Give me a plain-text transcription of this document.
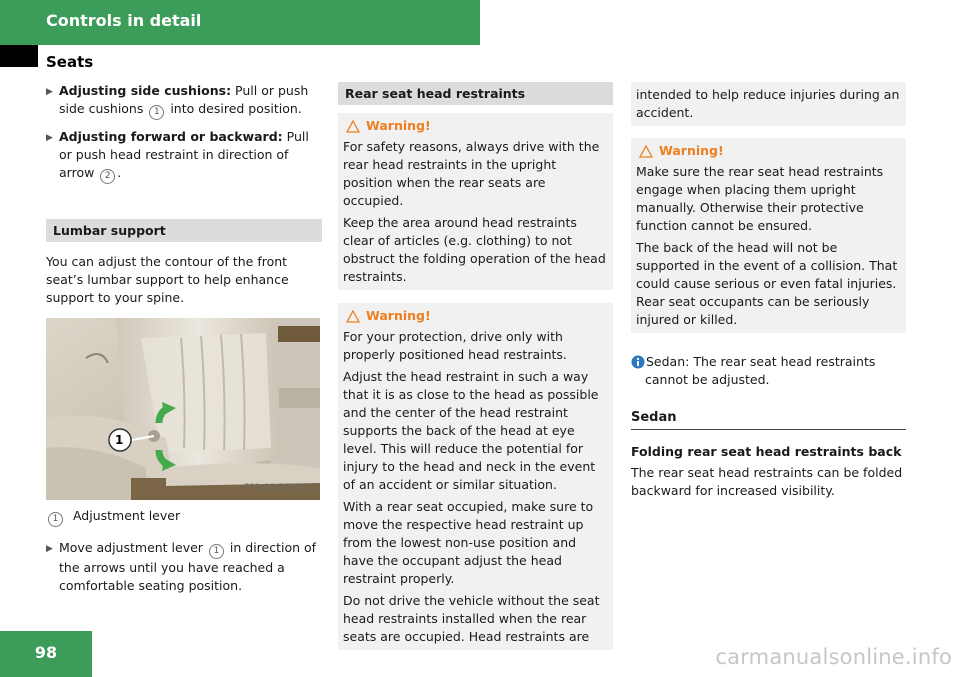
Controls in detail
Seats
▶ Adjusting side cushions: Pull or push side cushions 1 into desired position.
▶ Adjusting forward or backward: Pull or push head restraint in direction of arrow 2 .
Lumbar support

You can adjust the contour of the front seat’s lumbar support to help enhance support to your spine.

1
P91.10-2953-31

1 Adjustment lever

▶ Move adjustment lever 1 in direction of the arrows until you have reached a comfortable seating position.
Rear seat head restraints
Warning!

For safety reasons, always drive with the rear head restraints in the upright position when the rear seats are occupied.

Keep the area around head restraints clear of articles (e.g. clothing) to not obstruct the folding operation of the head restraints.

Warning!

For your protection, drive only with properly positioned head restraints.

Adjust the head restraint in such a way that it is as close to the head as possible and the center of the head restraint supports the back of the head at eye level. This will reduce the potential for injury to the head and neck in the event of an accident or similar situation.

With a rear seat occupied, make sure to move the respective head restraint up from the lowest non-use position and have the occupant adjust the head restraint properly.

Do not drive the vehicle without the seat head restraints installed when the rear seats are occupied. Head restraints are

intended to help reduce injuries during an accident.

Warning!

Make sure the rear seat head restraints engage when placing them upright manually. Otherwise their protective function cannot be ensured.

The back of the head will not be supported in the event of a collision. That could cause serious or even fatal injuries. Rear seat occupants can be seriously injured or killed.

Sedan: The rear seat head restraints cannot be adjusted.

Sedan

Folding rear seat head restraints back

The rear seat head restraints can be folded backward for increased visibility.

98	carmanualsonline.info
